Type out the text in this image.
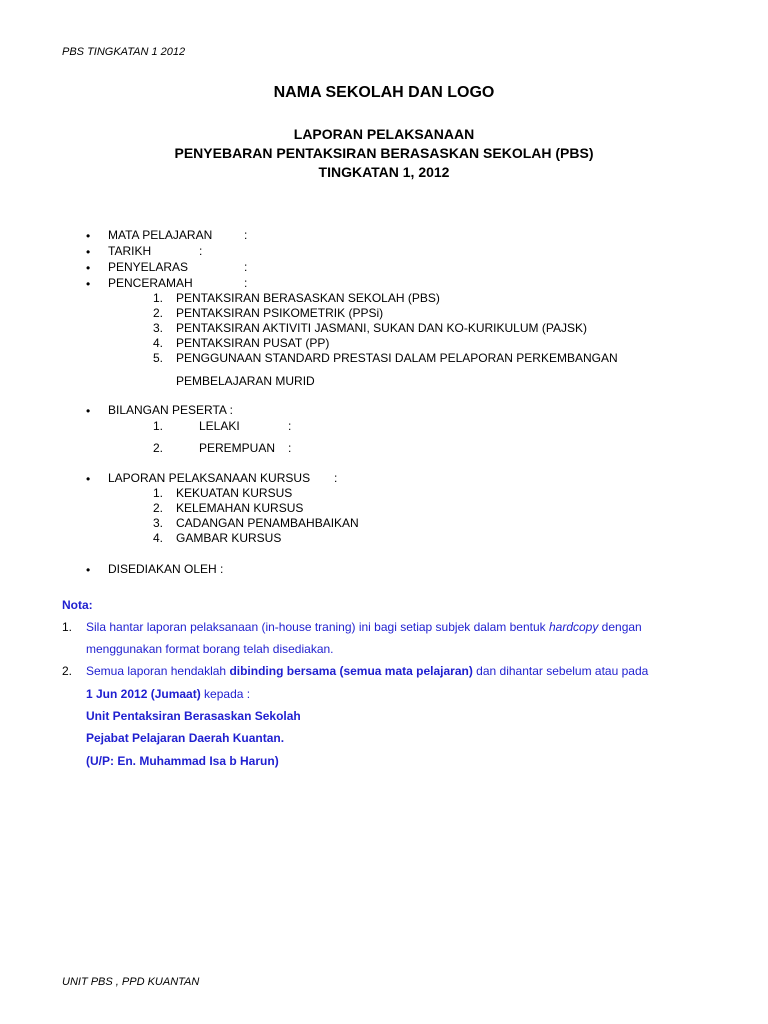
PBS TINGKATAN 1 2012
NAMA SEKOLAH DAN LOGO
LAPORAN PELAKSANAAN
PENYEBARAN PENTAKSIRAN BERASASKAN SEKOLAH (PBS)
TINGKATAN 1, 2012
• MATA PELAJARAN	:
• TARIKH	:
• PENYELARAS	:
• PENCERAMAH	:
1. PENTAKSIRAN BERASASKAN SEKOLAH (PBS)
2. PENTAKSIRAN PSIKOMETRIK (PPSi)
3. PENTAKSIRAN AKTIVITI JASMANI, SUKAN DAN KO-KURIKULUM (PAJSK)
4. PENTAKSIRAN PUSAT (PP)
5. PENGGUNAAN STANDARD PRESTASI DALAM PELAPORAN PERKEMBANGAN
PEMBELAJARAN MURID
• BILANGAN PESERTA :
1.	LELAKI	:
2.	PEREMPUAN :
• LAPORAN PELAKSANAAN KURSUS :
1. KEKUATAN KURSUS
2. KELEMAHAN KURSUS
3. CADANGAN PENAMBAHBAIKAN
4. GAMBAR KURSUS
• DISEDIAKAN OLEH :
Nota:
1. Sila hantar laporan pelaksanaan (in-house traning) ini bagi setiap subjek dalam bentuk hardcopy dengan
menggunakan format borang telah disediakan.
2. Semua laporan hendaklah dibinding bersama (semua mata pelajaran) dan dihantar sebelum atau pada
1 Jun 2012 (Jumaat) kepada :
Unit Pentaksiran Berasaskan Sekolah
Pejabat Pelajaran Daerah Kuantan.
(U/P: En. Muhammad Isa b Harun)
UNIT PBS , PPD KUANTAN
